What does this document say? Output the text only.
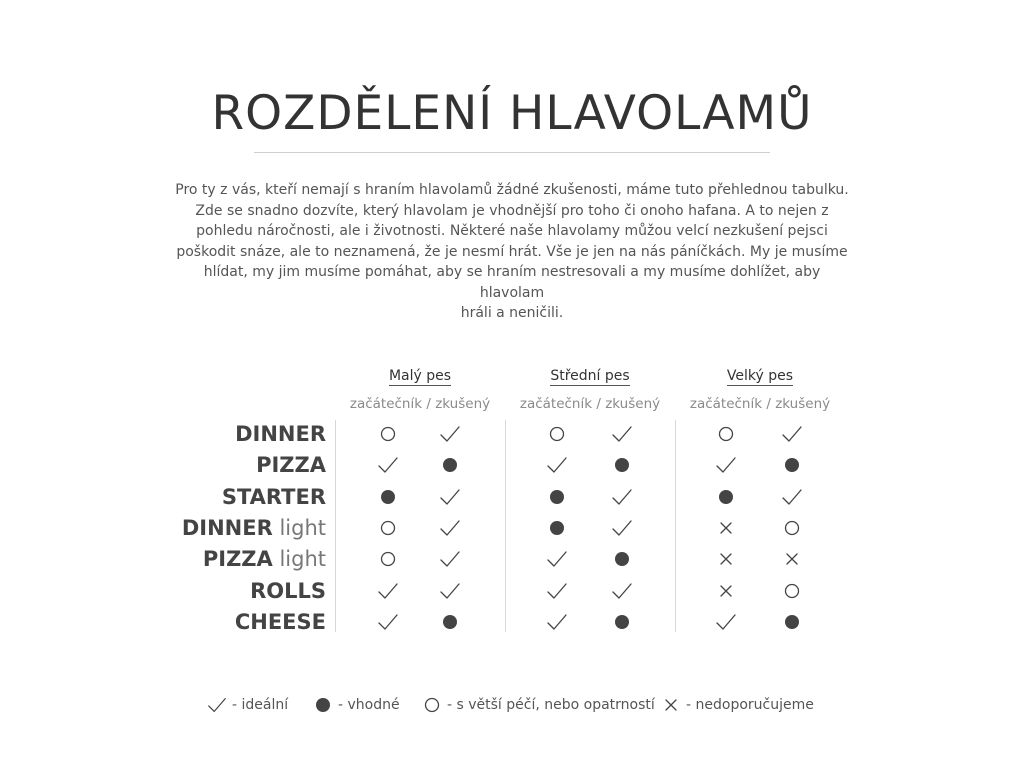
ROZDĚLENÍ HLAVOLAMŮ

Pro ty z vás, kteří nemají s hraním hlavolamů žádné zkušenosti, máme tuto přehlednou tabulku.
Zde se snadno dozvíte, který hlavolam je vhodnější pro toho či onoho hafana. A to nejen z
pohledu náročnosti, ale i životnosti. Některé naše hlavolamy můžou velcí nezkušení pejsci
poškodit snáze, ale to neznamená, že je nesmí hrát. Vše je jen na nás páníčkách. My je musíme
hlídat, my jim musíme pomáhat, aby se hraním nestresovali a my musíme dohlížet, aby hlavolam
hráli a neničili.

Malý pes
začátečník / zkušený
Střední pes
začátečník / zkušený
Velký pes
začátečník / zkušený
DINNER
PIZZA
STARTER
DINNER light
PIZZA light
ROLLS
CHEESE
- ideální	- vhodné	- s větší péčí, nebo opatrností - nedoporučujeme
